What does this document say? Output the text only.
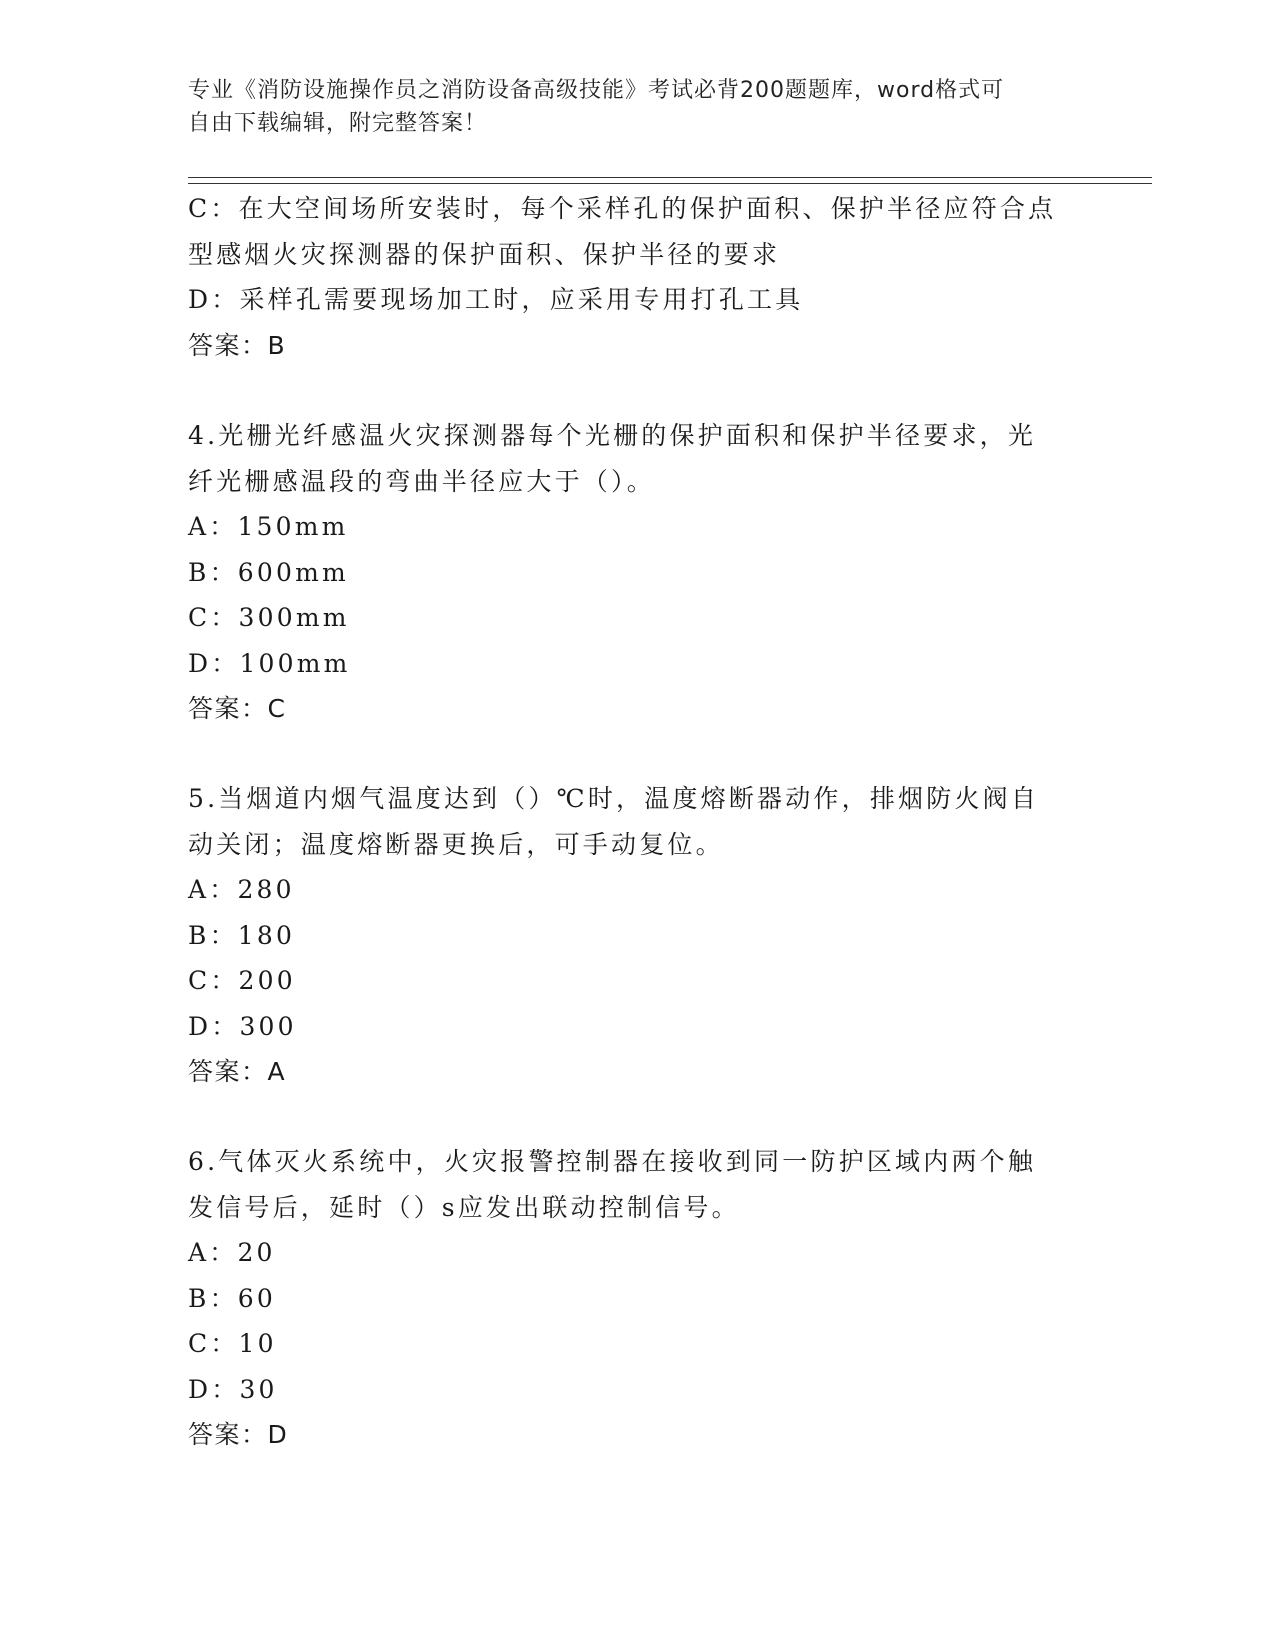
专业《消防设施操作员之消防设备高级技能》考试必背200题题库，word格式可
自由下载编辑，附完整答案！
C：在大空间场所安装时，每个采样孔的保护面积、保护半径应符合点
型感烟火灾探测器的保护面积、保护半径的要求
D：采样孔需要现场加工时，应采用专用打孔工具
答案：B
4.光栅光纤感温火灾探测器每个光栅的保护面积和保护半径要求，光
纤光栅感温段的弯曲半径应大于（）。
A：150mm
B：600mm
C：300mm
D：100mm
答案：C
5.当烟道内烟气温度达到（）℃时，温度熔断器动作，排烟防火阀自
动关闭；温度熔断器更换后，可手动复位。
A：280
B：180
C：200
D：300
答案：A
6.气体灭火系统中，火灾报警控制器在接收到同一防护区域内两个触
发信号后，延时（）s应发出联动控制信号。
A：20
B：60
C：10
D：30
答案：D
